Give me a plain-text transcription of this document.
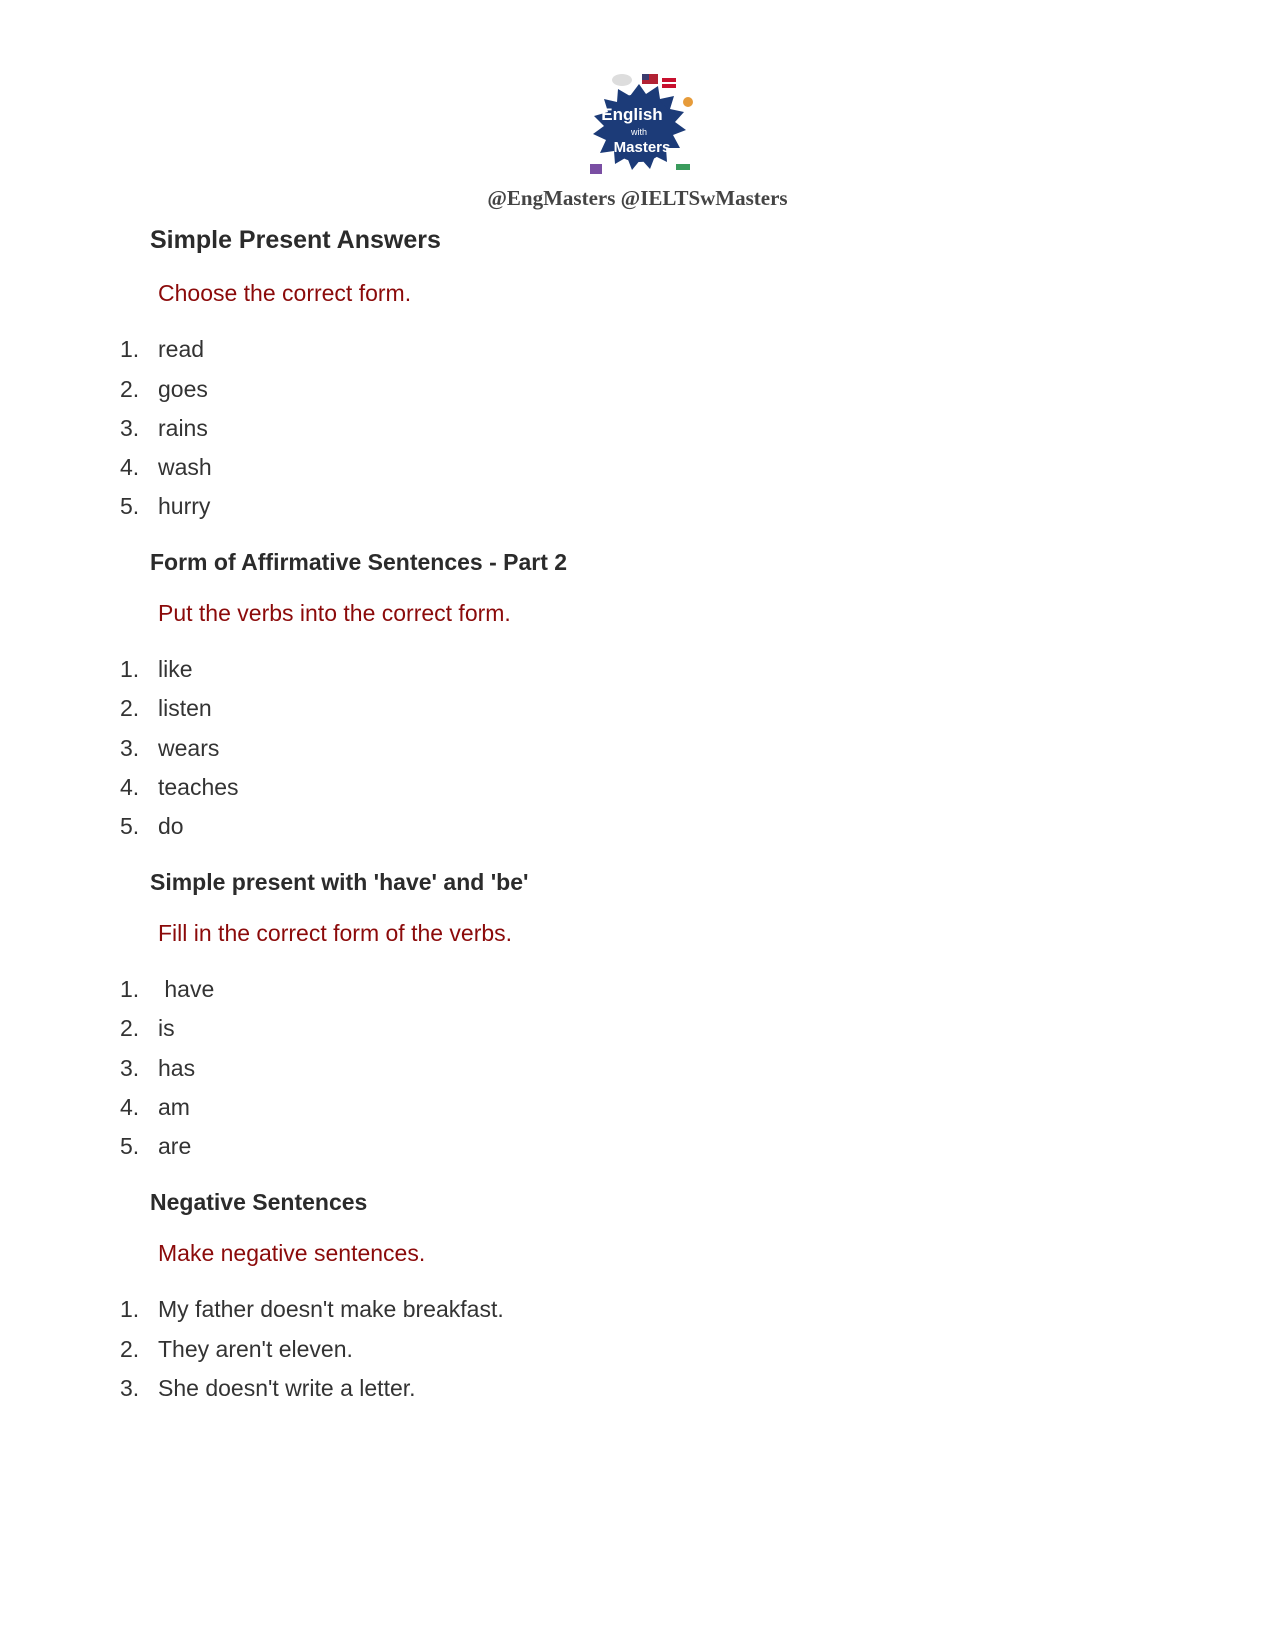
English
with
Masters
@EngMasters @IELTSwMasters
Simple Present Answers
Choose the correct form.
1. read
2. goes
3. rains
4. wash
5. hurry
Form of Affirmative Sentences - Part 2
Put the verbs into the correct form.
1. like
2. listen
3. wears
4. teaches
5. do
Simple present with 'have' and 'be'
Fill in the correct form of the verbs.
1. have
2. is
3. has
4. am
5. are
Negative Sentences
Make negative sentences.
1. My father doesn't make breakfast.
2. They aren't eleven.
3. She doesn't write a letter.
